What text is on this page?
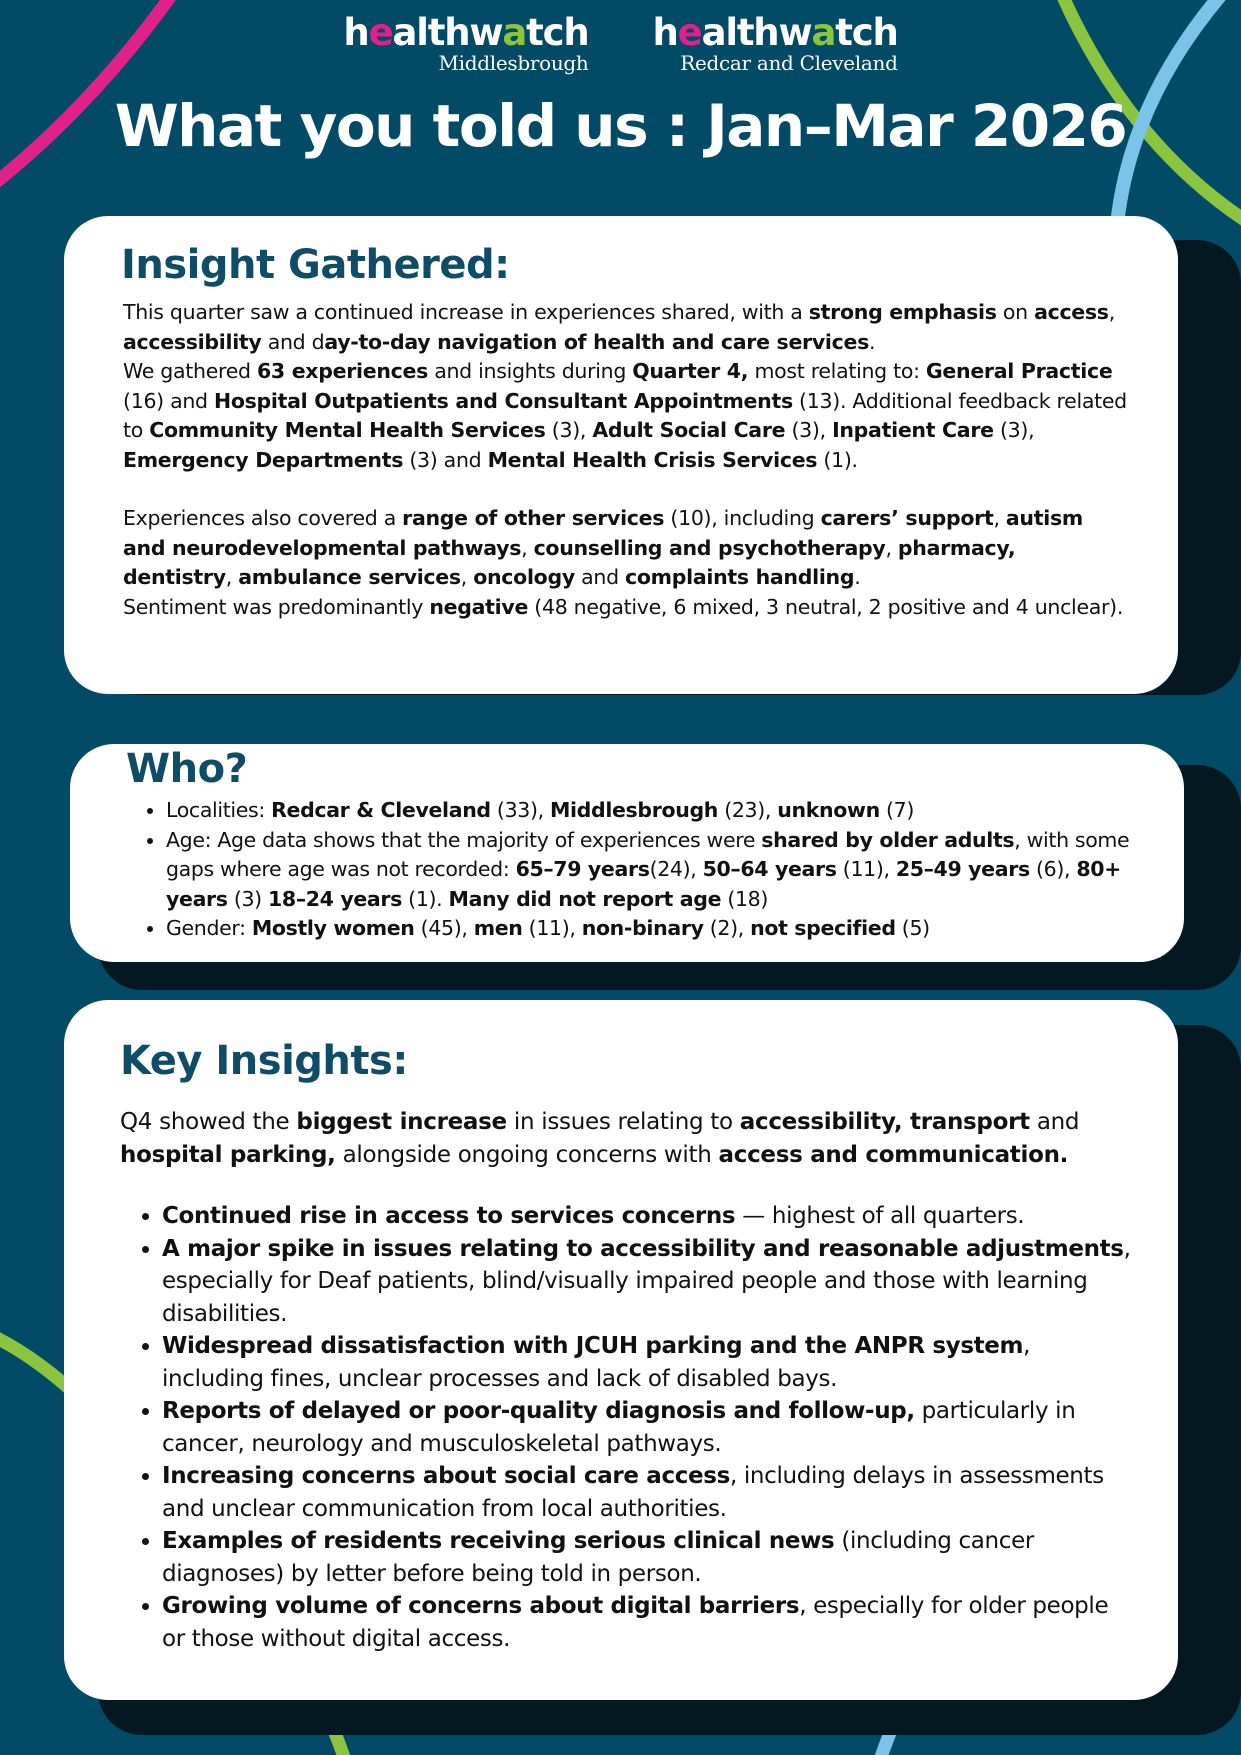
healthwatch
Middlesbrough
healthwatch
Redcar and Cleveland
What you told us : Jan–Mar 2026
Insight Gathered:

This quarter saw a continued increase in experiences shared, with a strong emphasis on access, accessibility and day-to-day navigation of health and care services.

We gathered 63 experiences and insights during Quarter 4, most relating to: General Practice (16) and Hospital Outpatients and Consultant Appointments (13). Additional feedback related to Community Mental Health Services (3), Adult Social Care (3), Inpatient Care (3), Emergency Departments (3) and Mental Health Crisis Services (1).

Experiences also covered a range of other services (10), including carers’ support, autism and neurodevelopmental pathways, counselling and psychotherapy, pharmacy, dentistry, ambulance services, oncology and complaints handling.

Sentiment was predominantly negative (48 negative, 6 mixed, 3 neutral, 2 positive and 4 unclear).

Who?
• Localities: Redcar & Cleveland (33), Middlesbrough (23), unknown (7)
• Age: Age data shows that the majority of experiences were shared by older adults, with some gaps where age was not recorded: 65–79 years(24), 50–64 years (11), 25–49 years (6), 80+ years (3) 18–24 years (1). Many did not report age (18)
• Gender: Mostly women (45), men (11), non-binary (2), not specified (5)
Key Insights:

Q4 showed the biggest increase in issues relating to accessibility, transport and hospital parking, alongside ongoing concerns with access and communication.

• Continued rise in access to services concerns — highest of all quarters.
• A major spike in issues relating to accessibility and reasonable adjustments, especially for Deaf patients, blind/visually impaired people and those with learning disabilities.
• Widespread dissatisfaction with JCUH parking and the ANPR system, including fines, unclear processes and lack of disabled bays.
• Reports of delayed or poor-quality diagnosis and follow-up, particularly in cancer, neurology and musculoskeletal pathways.
• Increasing concerns about social care access, including delays in assessments and unclear communication from local authorities.
• Examples of residents receiving serious clinical news (including cancer diagnoses) by letter before being told in person.
• Growing volume of concerns about digital barriers, especially for older people or those without digital access.
